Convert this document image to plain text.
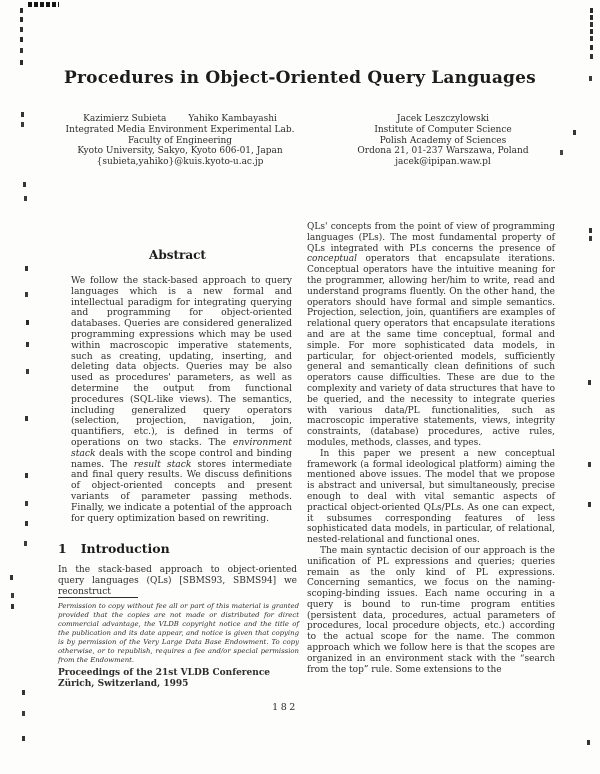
Procedures in Object-Oriented Query Languages
Kazimierz Subieta Yahiko Kambayashi
Integrated Media Environment Experimental Lab.
Faculty of Engineering
Kyoto University, Sakyo, Kyoto 606-01, Japan
{subieta,yahiko}@kuis.kyoto-u.ac.jp
Jacek Leszczylowski
Institute of Computer Science
Polish Academy of Sciences
Ordona 21, 01-237 Warszawa, Poland
jacek@ipipan.waw.pl
Abstract
We follow the stack-based approach to query languages which is a new formal and intellectual paradigm for integrating querying and programming for object-oriented databases. Queries are considered generalized programming expressions which may be used within macroscopic imperative statements, such as creating, updating, inserting, and deleting data objects. Queries may be also used as procedures' parameters, as well as determine the output from functional procedures (SQL-like views). The semantics, including generalized query operators (selection, projection, navigation, join, quantifiers, etc.), is defined in terms of operations on two stacks. The environment stack deals with the scope control and binding names. The result stack stores intermediate and final query results. We discuss definitions of object-oriented concepts and present variants of parameter passing methods. Finally, we indicate a potential of the approach for query optimization based on rewriting.
1 Introduction
In the stack-based approach to object-oriented query languages (QLs) [SBMS93, SBMS94] we reconstruct
Permission to copy without fee all or part of this material is granted provided that the copies are not made or distributed for direct commercial advantage, the VLDB copyright notice and the title of the publication and its date appear, and notice is given that copying is by permission of the Very Large Data Base Endowment. To copy otherwise, or to republish, requires a fee and/or special permission from the Endowment.
Proceedings of the 21st VLDB Conference
Zürich, Switzerland, 1995

QLs' concepts from the point of view of programming languages (PLs). The most fundamental property of QLs integrated with PLs concerns the presence of conceptual operators that encapsulate iterations. Conceptual operators have the intuitive meaning for the programmer, allowing her/him to write, read and understand programs fluently. On the other hand, the operators should have formal and simple semantics. Projection, selection, join, quantifiers are examples of relational query operators that encapsulate iterations and are at the same time conceptual, formal and simple. For more sophisticated data models, in particular, for object-oriented models, sufficiently general and semantically clean definitions of such operators cause difficulties. These are due to the complexity and variety of data structures that have to be queried, and the necessity to integrate queries with various data/PL functionalities, such as macroscopic imperative statements, views, integrity constraints, (database) procedures, active rules, modules, methods, classes, and types.

In this paper we present a new conceptual framework (a formal ideological platform) aiming the mentioned above issues. The model that we propose is abstract and universal, but simultaneously, precise enough to deal with vital semantic aspects of practical object-oriented QLs/PLs. As one can expect, it subsumes corresponding features of less sophisticated data models, in particular, of relational, nested-relational and functional ones.

The main syntactic decision of our approach is the unification of PL expressions and queries; queries remain as the only kind of PL expressions. Concerning semantics, we focus on the naming-scoping-binding issues. Each name occuring in a query is bound to run-time program entities (persistent data, procedures, actual parameters of procedures, local procedure objects, etc.) according to the actual scope for the name. The common approach which we follow here is that the scopes are organized in an environment stack with the “search from the top” rule. Some extensions to the

182
